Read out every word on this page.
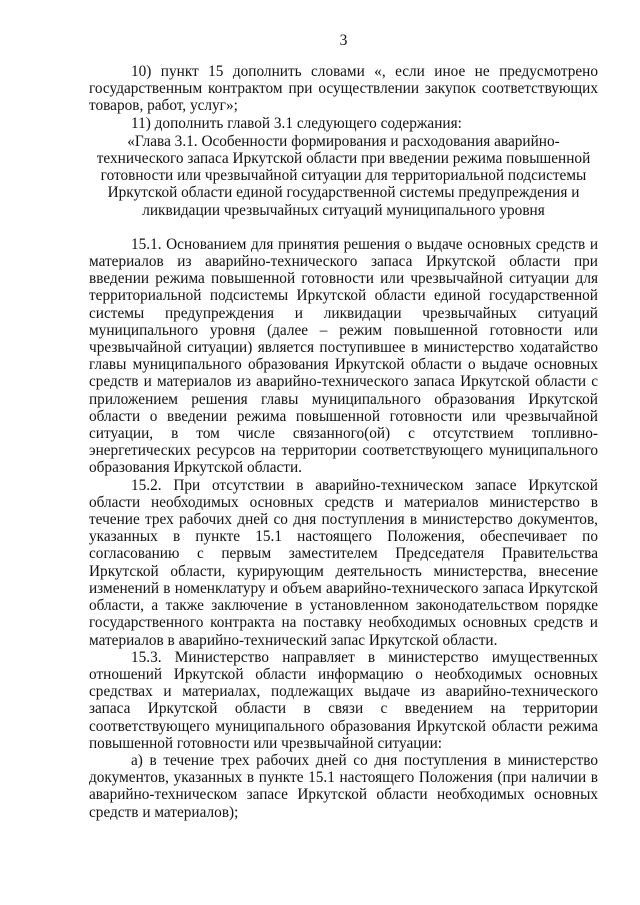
3

10) пункт 15 дополнить словами «, если иное не предусмотрено государственным контрактом при осуществлении закупок соответствующих товаров, работ, услуг»;

11) дополнить главой 3.1 следующего содержания:

«Глава 3.1. Особенности формирования и расходования аварийно-технического запаса Иркутской области при введении режима повышенной готовности или чрезвычайной ситуации для территориальной подсистемы Иркутской области единой государственной системы предупреждения и ликвидации чрезвычайных ситуаций муниципального уровня

15.1. Основанием для принятия решения о выдаче основных средств и материалов из аварийно-технического запаса Иркутской области при введении режима повышенной готовности или чрезвычайной ситуации для территориальной подсистемы Иркутской области единой государственной системы предупреждения и ликвидации чрезвычайных ситуаций муниципального уровня (далее – режим повышенной готовности или чрезвычайной ситуации) является поступившее в министерство ходатайство главы муниципального образования Иркутской области о выдаче основных средств и материалов из аварийно-технического запаса Иркутской области с приложением решения главы муниципального образования Иркутской области о введении режима повышенной готовности или чрезвычайной ситуации, в том числе связанного(ой) с отсутствием топливно-энергетических ресурсов на территории соответствующего муниципального образования Иркутской области.

15.2. При отсутствии в аварийно-техническом запасе Иркутской области необходимых основных средств и материалов министерство в течение трех рабочих дней со дня поступления в министерство документов, указанных в пункте 15.1 настоящего Положения, обеспечивает по согласованию с первым заместителем Председателя Правительства Иркутской области, курирующим деятельность министерства, внесение изменений в номенклатуру и объем аварийно-технического запаса Иркутской области, а также заключение в установленном законодательством порядке государственного контракта на поставку необходимых основных средств и материалов в аварийно-технический запас Иркутской области.

15.3. Министерство направляет в министерство имущественных отношений Иркутской области информацию о необходимых основных средствах и материалах, подлежащих выдаче из аварийно-технического запаса Иркутской области в связи с введением на территории соответствующего муниципального образования Иркутской области режима повышенной готовности или чрезвычайной ситуации:

а) в течение трех рабочих дней со дня поступления в министерство документов, указанных в пункте 15.1 настоящего Положения (при наличии в аварийно-техническом запасе Иркутской области необходимых основных средств и материалов);
